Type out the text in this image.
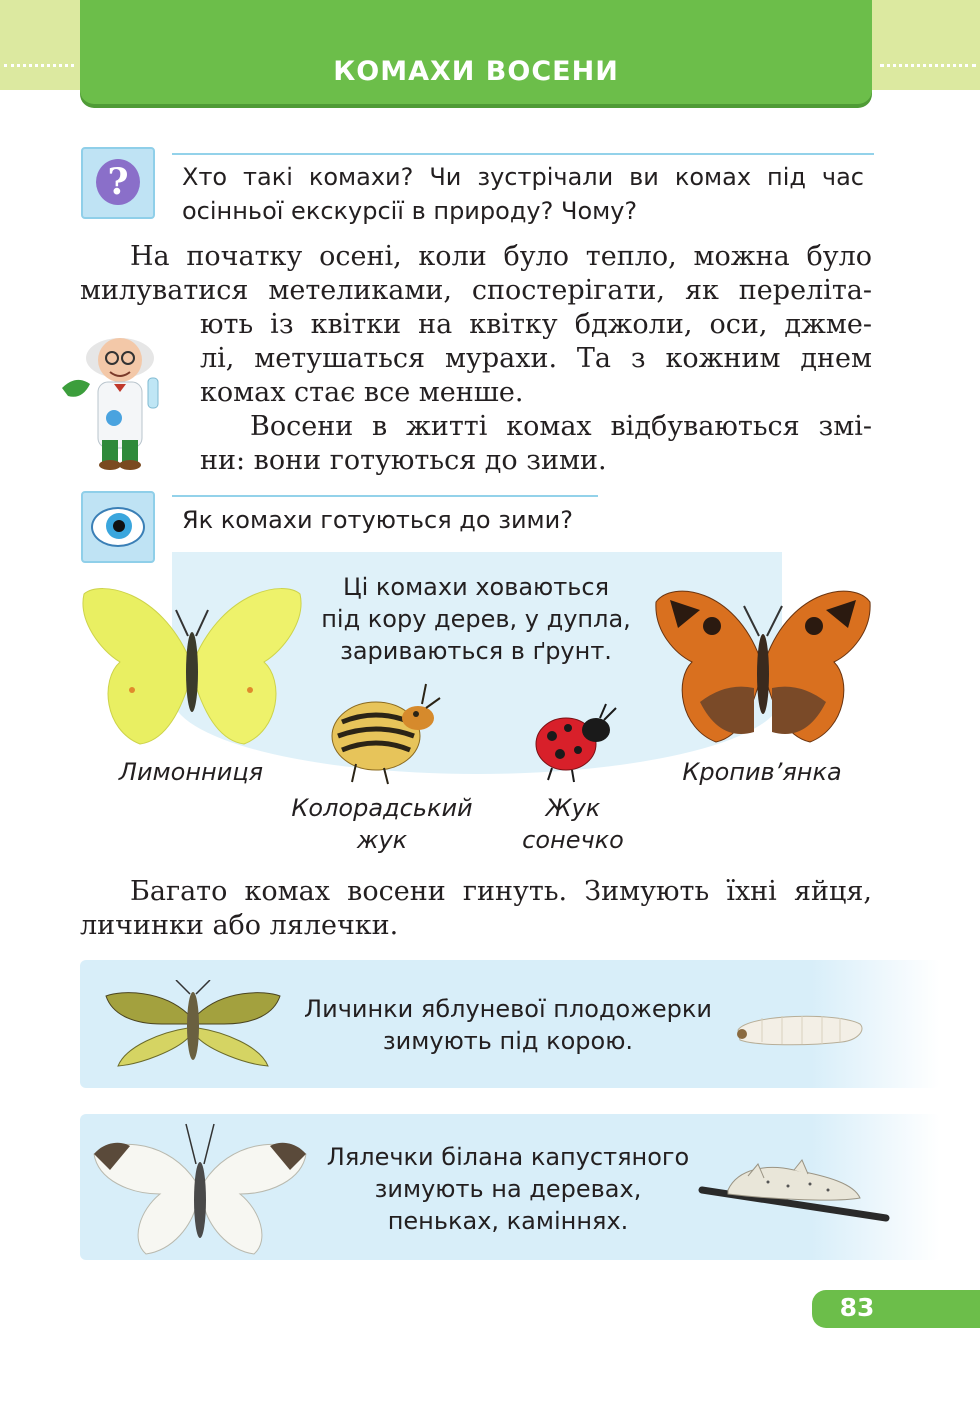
КОМАХИ ВОСЕНИ
?	Хто такі комахи? Чи зустрічали ви комах під час осінньої екскурсії в природу? Чому?
На початку осені, коли було тепло, можна було
милуватися метеликами, спостерігати, як переліта-
ють із квітки на квітку бджоли, оси, джме-
лі, метушаться мурахи. Та з кожним днем
комах стає все менше.
Восени в житті комах відбуваються змі-
ни: вони готуються до зими.
Як комахи готуються до зими?
Ці комахи ховаються
під кору дерев, у дупла,
зариваються в ґрунт.
Лимонниця
Колорадський
жук
Жук
сонечко
Кропив’янка
Багато комах восени гинуть. Зимують їхні яйця,
личинки або лялечки.
Личинки яблуневої плодожерки
зимують під корою.
Лялечки білана капустяного
зимують на деревах,
пеньках, каміннях.
83
